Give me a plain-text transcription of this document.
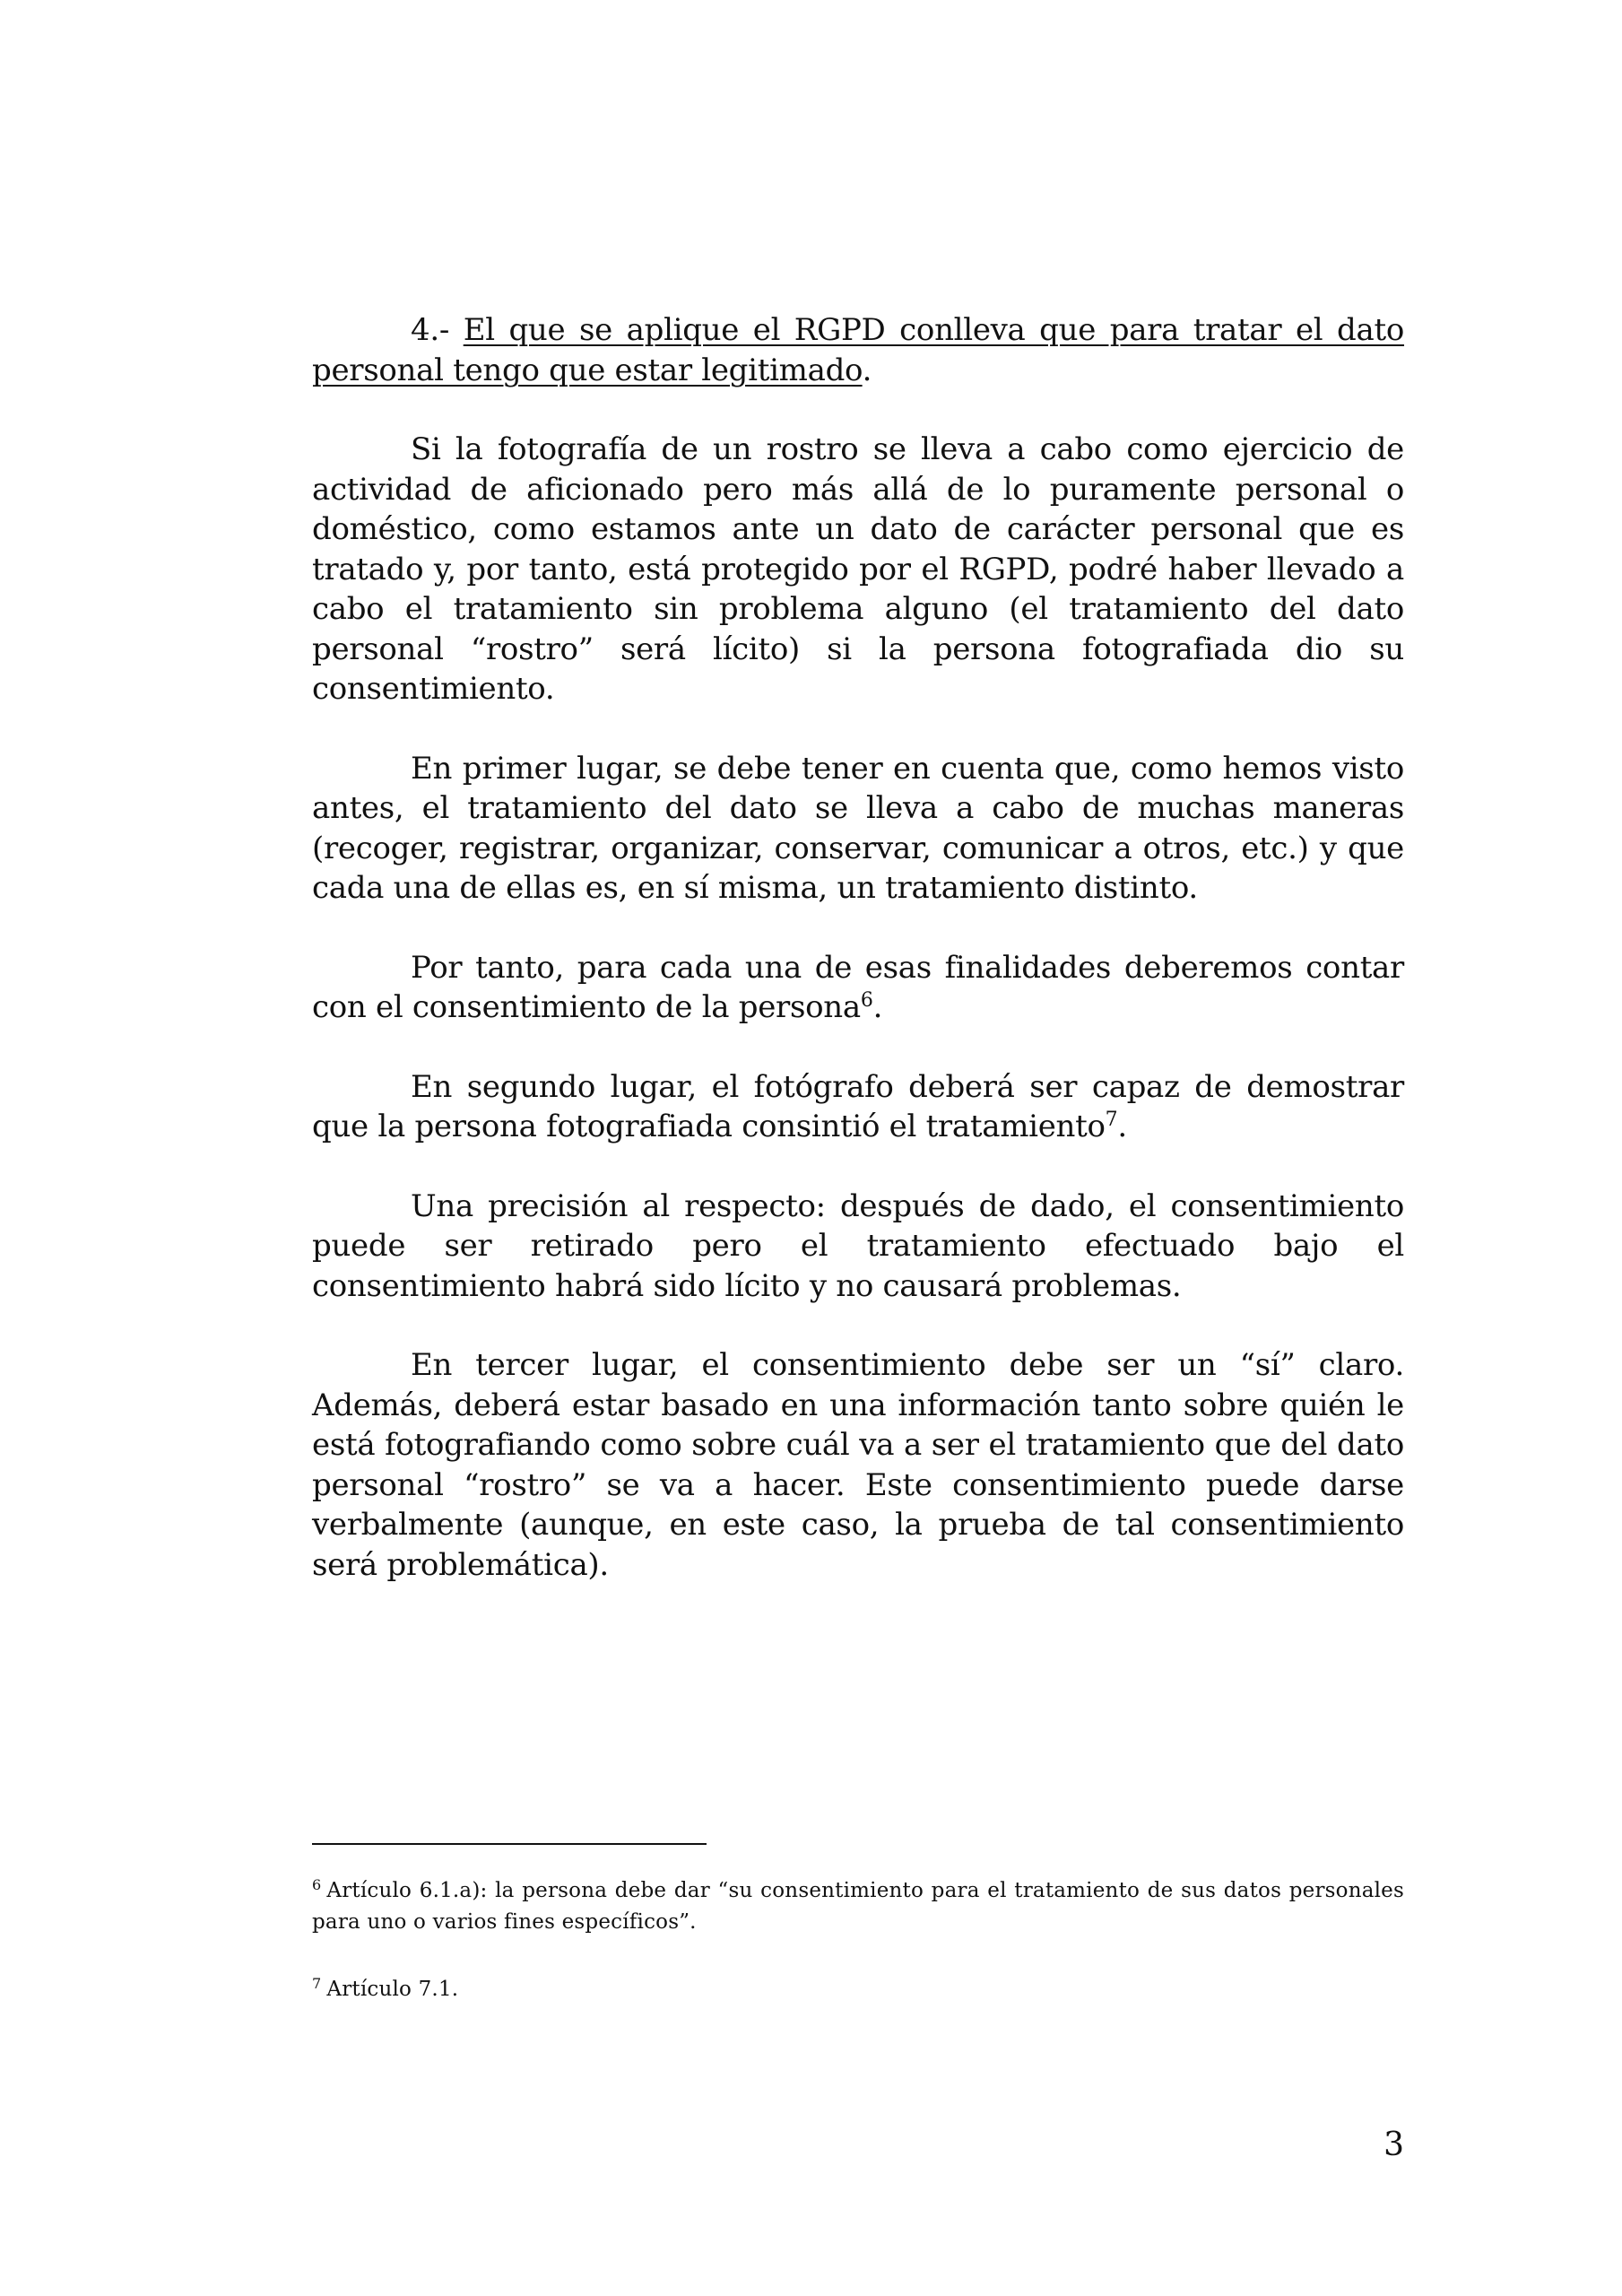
4.- El que se aplique el RGPD conlleva que para tratar el dato personal tengo que estar legitimado.

Si la fotografía de un rostro se lleva a cabo como ejercicio de actividad de aficionado pero más allá de lo puramente personal o doméstico, como estamos ante un dato de carácter personal que es tratado y, por tanto, está protegido por el RGPD, podré haber llevado a cabo el tratamiento sin problema alguno (el tratamiento del dato personal “rostro” será lícito) si la persona fotografiada dio su consentimiento.

En primer lugar, se debe tener en cuenta que, como hemos visto antes, el tratamiento del dato se lleva a cabo de muchas maneras (recoger, registrar, organizar, conservar, comunicar a otros, etc.) y que cada una de ellas es, en sí misma, un tratamiento distinto.

Por tanto, para cada una de esas finalidades deberemos contar con el consentimiento de la persona$^6$.

En segundo lugar, el fotógrafo deberá ser capaz de demostrar que la persona fotografiada consintió el tratamiento$^7$.

Una precisión al respecto: después de dado, el consentimiento puede ser retirado pero el tratamiento efectuado bajo el consentimiento habrá sido lícito y no causará problemas.

En tercer lugar, el consentimiento debe ser un “sí” claro. Además, deberá estar basado en una información tanto sobre quién le está fotografiando como sobre cuál va a ser el tratamiento que del dato personal “rostro” se va a hacer. Este consentimiento puede darse verbalmente (aunque, en este caso, la prueba de tal consentimiento será problemática).

$^6$ Artículo 6.1.a): la persona debe dar “su consentimiento para el tratamiento de sus datos personales para uno o varios fines específicos”.

$^7$ Artículo 7.1.

3
